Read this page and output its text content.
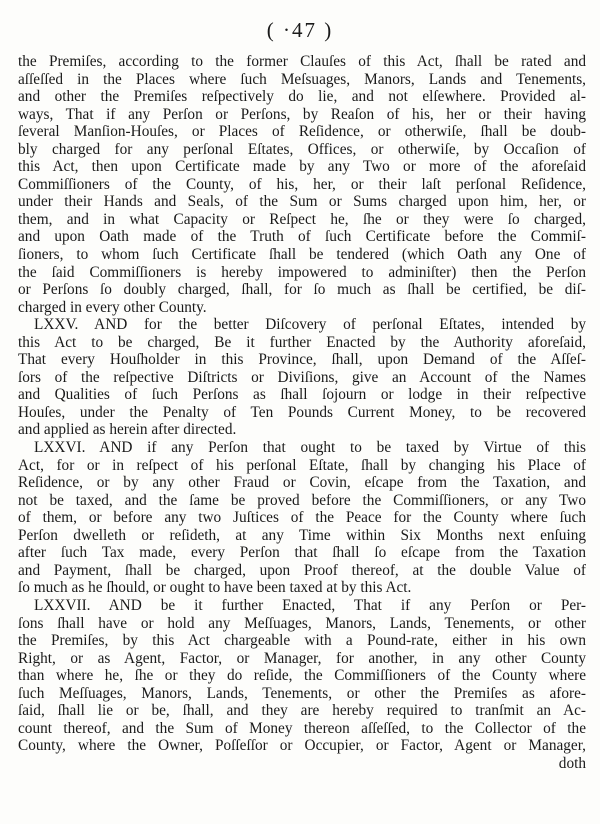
( ·47 )
the Premiſes, according to the former Clauſes of this Act, ſhall be rated and
aſſeſſed in the Places where ſuch Meſsuages, Manors, Lands and Tenements,
and other the Premiſes reſpectively do lie, and not elſewhere. Provided al-
ways, That if any Perſon or Perſons, by Reaſon of his, her or their having
ſeveral Manſion-Houſes, or Places of Reſidence, or otherwiſe, ſhall be doub-
bly charged for any perſonal Eſtates, Offices, or otherwiſe, by Occaſion of
this Act, then upon Certificate made by any Two or more of the aforeſaid
Commiſſioners of the County, of his, her, or their laſt perſonal Reſidence,
under their Hands and Seals, of the Sum or Sums charged upon him, her, or
them, and in what Capacity or Reſpect he, ſhe or they were ſo charged,
and upon Oath made of the Truth of ſuch Certificate before the Commiſ-
ſioners, to whom ſuch Certificate ſhall be tendered (which Oath any One of
the ſaid Commiſſioners is hereby impowered to adminiſter) then the Perſon
or Perſons ſo doubly charged, ſhall, for ſo much as ſhall be certified, be diſ-
charged in every other County.
LXXV. AND for the better Diſcovery of perſonal Eſtates, intended by
this Act to be charged, Be it further Enacted by the Authority aforeſaid,
That every Houſholder in this Province, ſhall, upon Demand of the Aſſeſ-
ſors of the reſpective Diſtricts or Diviſions, give an Account of the Names
and Qualities of ſuch Perſons as ſhall ſojourn or lodge in their reſpective
Houſes, under the Penalty of Ten Pounds Current Money, to be recovered
and applied as herein after directed.
LXXVI. AND if any Perſon that ought to be taxed by Virtue of this
Act, for or in reſpect of his perſonal Eſtate, ſhall by changing his Place of
Reſidence, or by any other Fraud or Covin, eſcape from the Taxation, and
not be taxed, and the ſame be proved before the Commiſſioners, or any Two
of them, or before any two Juſtices of the Peace for the County where ſuch
Perſon dwelleth or reſideth, at any Time within Six Months next enſuing
after ſuch Tax made, every Perſon that ſhall ſo eſcape from the Taxation
and Payment, ſhall be charged, upon Proof thereof, at the double Value of
ſo much as he ſhould, or ought to have been taxed at by this Act.
LXXVII. AND be it further Enacted, That if any Perſon or Per-
ſons ſhall have or hold any Meſſuages, Manors, Lands, Tenements, or other
the Premiſes, by this Act chargeable with a Pound-rate, either in his own
Right, or as Agent, Factor, or Manager, for another, in any other County
than where he, ſhe or they do reſide, the Commiſſioners of the County where
ſuch Meſſuages, Manors, Lands, Tenements, or other the Premiſes as afore-
ſaid, ſhall lie or be, ſhall, and they are hereby required to tranſmit an Ac-
count thereof, and the Sum of Money thereon aſſeſſed, to the Collector of the
County, where the Owner, Poſſeſſor or Occupier, or Factor, Agent or Manager,
doth
